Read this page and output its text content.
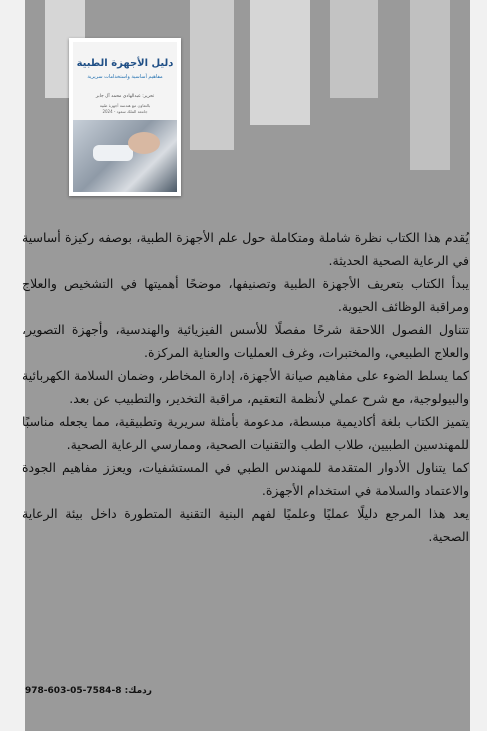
دليل الأجهزة الطبية
مفاهيم أساسية واستخدامات سريرية
تحرير: عبدالهادي محمد آل جابر
بالتعاون مع هندسة أجهزة طبية
جامعة الملك سعود - 2024

يُقدم هذا الكتاب نظرة شاملة ومتكاملة حول علم الأجهزة الطبية، بوصفه ركيزة أساسية في الرعاية الصحية الحديثة.

يبدأ الكتاب بتعريف الأجهزة الطبية وتصنيفها، موضحًا أهميتها في التشخيص والعلاج ومراقبة الوظائف الحيوية.

تتناول الفصول اللاحقة شرحًا مفصلًا للأسس الفيزيائية والهندسية، وأجهزة التصوير، والعلاج الطبيعي، والمختبرات، وغرف العمليات والعناية المركزة.

كما يسلط الضوء على مفاهيم صيانة الأجهزة، إدارة المخاطر، وضمان السلامة الكهربائية والبيولوجية، مع شرح عملي لأنظمة التعقيم، مراقبة التخدير، والتطبيب عن بعد.

يتميز الكتاب بلغة أكاديمية مبسطة، مدعومة بأمثلة سريرية وتطبيقية، مما يجعله مناسبًا للمهندسين الطبيين، طلاب الطب والتقنيات الصحية، وممارسي الرعاية الصحية.

كما يتناول الأدوار المتقدمة للمهندس الطبي في المستشفيات، ويعزز مفاهيم الجودة والاعتماد والسلامة في استخدام الأجهزة.

يعد هذا المرجع دليلًا عمليًا وعلميًا لفهم البنية التقنية المتطورة داخل بيئة الرعاية الصحية.

ردمك: 8-7584-05-603-978
